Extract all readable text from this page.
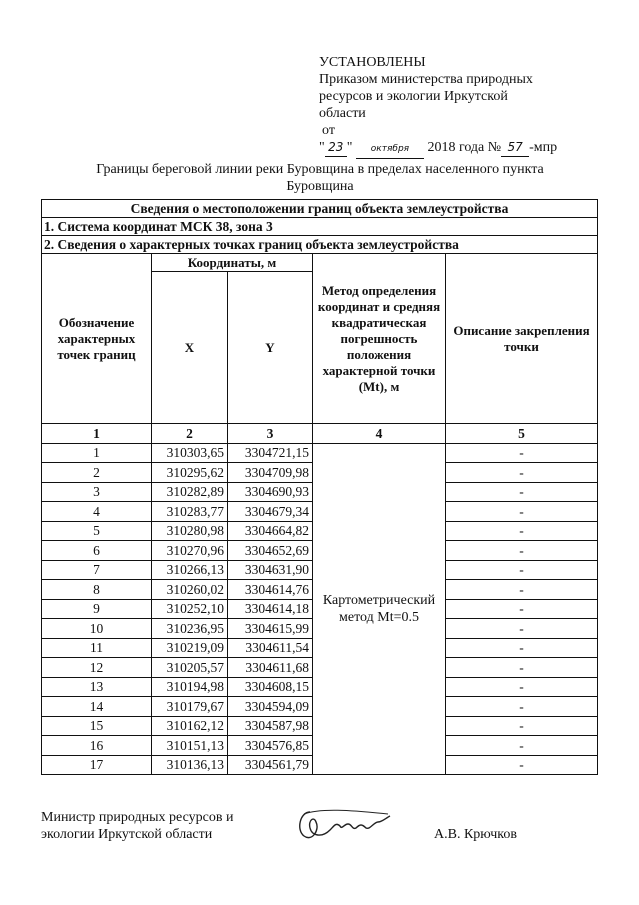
УСТАНОВЛЕНЫ
Приказом министерства природных
ресурсов и экологии Иркутской
области
от
" 23 " октября 2018 года № 57 -мпр
Границы береговой линии реки Буровщина в пределах населенного пункта
Буровщина
Сведения о местоположении границ объекта землеустройства				
1. Система координат МСК 38, зона 3				
2. Сведения о характерных точках границ объекта землеустройства				
Обозначение характерных точек границ	Координаты, м		Метод определения координат и средняя квадратическая погрешность положения характерной точки (Mt), м	Описание закрепления точки
	X	Y		
1	2	3	4	5
1	310303,65	3304721,15	Картометрический метод Mt=0.5	-
2	310295,62	3304709,98		-
3	310282,89	3304690,93		-
4	310283,77	3304679,34		-
5	310280,98	3304664,82		-
6	310270,96	3304652,69		-
7	310266,13	3304631,90		-
8	310260,02	3304614,76		-
9	310252,10	3304614,18		-
10	310236,95	3304615,99		-
11	310219,09	3304611,54		-
12	310205,57	3304611,68		-
13	310194,98	3304608,15		-
14	310179,67	3304594,09		-
15	310162,12	3304587,98		-
16	310151,13	3304576,85		-
17	310136,13	3304561,79		-
Министр природных ресурсов и
экологии Иркутской области	А.В. Крючков
